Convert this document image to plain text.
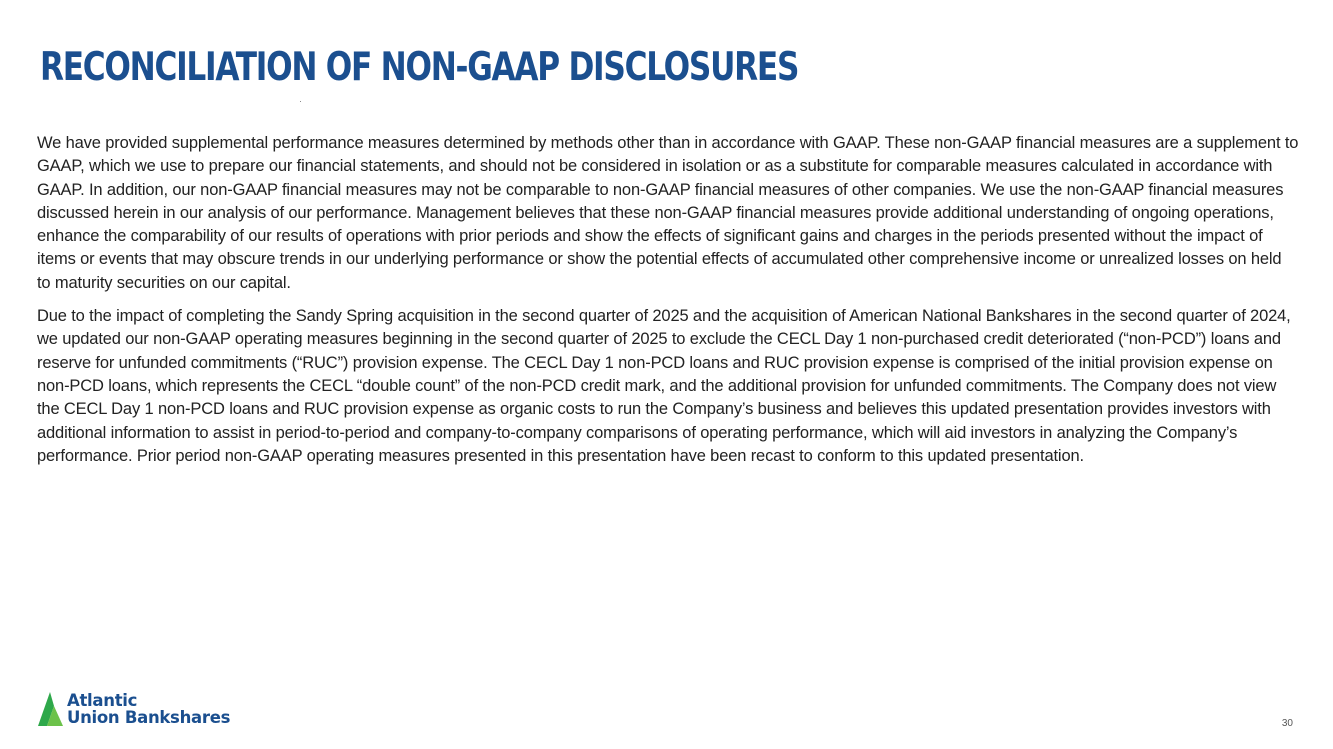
RECONCILIATION OF NON-GAAP DISCLOSURES

We have provided supplemental performance measures determined by methods other than in accordance with GAAP. These non-GAAP financial measures are a supplement to GAAP, which we use to prepare our financial statements, and should not be considered in isolation or as a substitute for comparable measures calculated in accordance with GAAP. In addition, our non-GAAP financial measures may not be comparable to non-GAAP financial measures of other companies. We use the non-GAAP financial measures discussed herein in our analysis of our performance. Management believes that these non-GAAP financial measures provide additional understanding of ongoing operations, enhance the comparability of our results of operations with prior periods and show the effects of significant gains and charges in the periods presented without the impact of items or events that may obscure trends in our underlying performance or show the potential effects of accumulated other comprehensive income or unrealized losses on held to maturity securities on our capital.

Due to the impact of completing the Sandy Spring acquisition in the second quarter of 2025 and the acquisition of American National Bankshares in the second quarter of 2024, we updated our non-GAAP operating measures beginning in the second quarter of 2025 to exclude the CECL Day 1 non-purchased credit deteriorated (“non-PCD”) loans and reserve for unfunded commitments (“RUC”) provision expense. The CECL Day 1 non-PCD loans and RUC provision expense is comprised of the initial provision expense on non-PCD loans, which represents the CECL “double count” of the non-PCD credit mark, and the additional provision for unfunded commitments. The Company does not view the CECL Day 1 non-PCD loans and RUC provision expense as organic costs to run the Company’s business and believes this updated presentation provides investors with additional information to assist in period-to-period and company-to-company comparisons of operating performance, which will aid investors in analyzing the Company’s performance. Prior period non-GAAP operating measures presented in this presentation have been recast to conform to this updated presentation.

Atlantic
Union Bankshares	30
